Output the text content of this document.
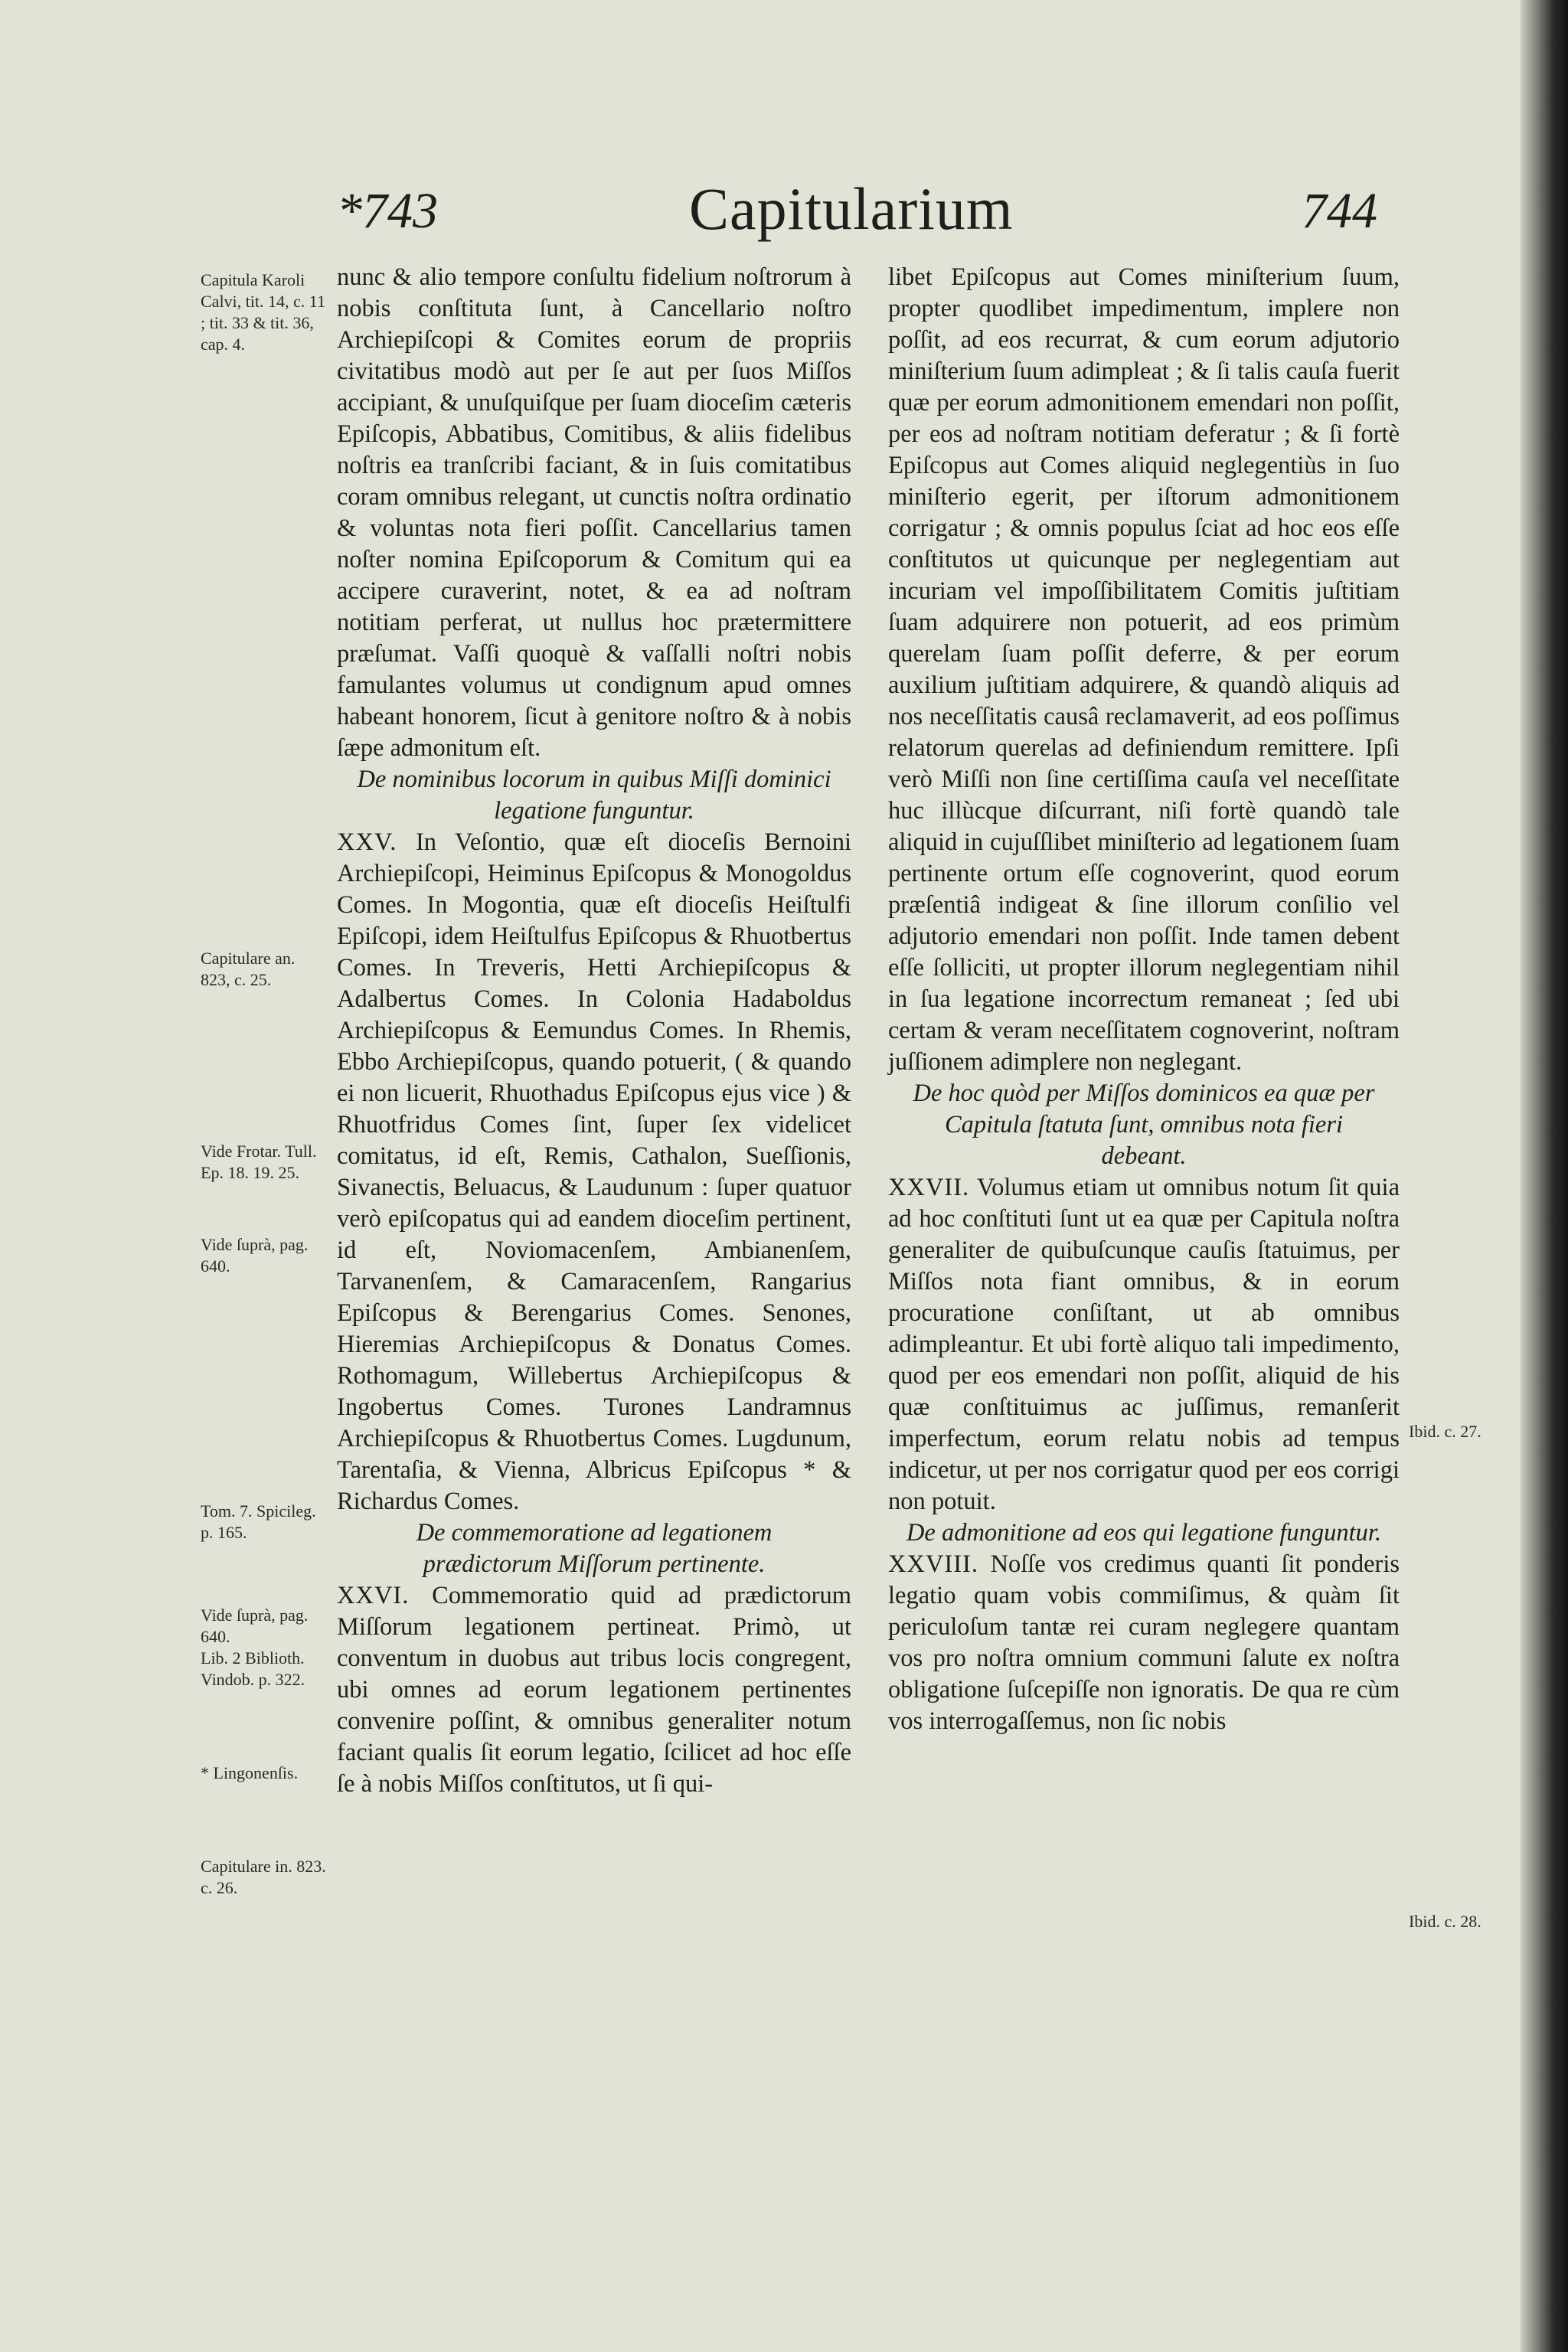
*743	Capitularium	744
Capitula Karoli Calvi, tit. 14, c. 11 ; tit. 33 & tit. 36, cap. 4.
Capitulare an. 823, c. 25.
Vide Frotar. Tull. Ep. 18. 19. 25.
Vide ſuprà, pag. 640.
Tom. 7. Spicileg. p. 165.
Vide ſuprà, pag. 640.
Lib. 2 Biblioth. Vindob. p. 322.
* Lingonenſis.
Capitulare in. 823. c. 26.
Ibid. c. 27.
Ibid. c. 28.

nunc & alio tempore conſultu fidelium noſtrorum à nobis conſtituta ſunt, à Cancellario noſtro Archiepiſcopi & Comites eorum de propriis civitatibus modò aut per ſe aut per ſuos Miſſos accipiant, & unuſquiſque per ſuam dioceſim cæteris Epiſcopis, Abbatibus, Comitibus, & aliis fidelibus noſtris ea tranſcribi faciant, & in ſuis comitatibus coram omnibus relegant, ut cunctis noſtra ordinatio & voluntas nota fieri poſſit. Cancellarius tamen noſter nomina Epiſcoporum & Comitum qui ea accipere curaverint, notet, & ea ad noſtram notitiam perferat, ut nullus hoc prætermittere præſumat. Vaſſi quoquè & vaſſalli noſtri nobis famulantes volumus ut condignum apud omnes habeant honorem, ſicut à genitore noſtro & à nobis ſæpe admonitum eſt.

De nominibus locorum in quibus Miſſi dominici legatione funguntur.

XXV. In Veſontio, quæ eſt dioceſis Bernoini Archiepiſcopi, Heiminus Epiſcopus & Monogoldus Comes. In Mogontia, quæ eſt dioceſis Heiſtulfi Epiſcopi, idem Heiſtulfus Epiſcopus & Rhuotbertus Comes. In Treveris, Hetti Archiepiſcopus & Adalbertus Comes. In Colonia Hadaboldus Archiepiſcopus & Eemundus Comes. In Rhemis, Ebbo Archiepiſcopus, quando potuerit, ( & quando ei non licuerit, Rhuothadus Epiſcopus ejus vice ) & Rhuotfridus Comes ſint, ſuper ſex videlicet comitatus, id eſt, Remis, Cathalon, Sueſſionis, Sivanectis, Beluacus, & Laudunum : ſuper quatuor verò epiſcopatus qui ad eandem dioceſim pertinent, id eſt, Noviomacenſem, Ambianenſem, Tarvanenſem, & Camaracenſem, Rangarius Epiſcopus & Berengarius Comes. Senones, Hieremias Archiepiſcopus & Donatus Comes. Rothomagum, Willebertus Archiepiſcopus & Ingobertus Comes. Turones Landramnus Archiepiſcopus & Rhuotbertus Comes. Lugdunum, Tarentaſia, & Vienna, Albricus Epiſcopus * & Richardus Comes.

De commemoratione ad legationem prædictorum Miſſorum pertinente.

XXVI. Commemoratio quid ad prædictorum Miſſorum legationem pertineat. Primò, ut conventum in duobus aut tribus locis congregent, ubi omnes ad eorum legationem pertinentes convenire poſſint, & omnibus generaliter notum faciant qualis ſit eorum legatio, ſcilicet ad hoc eſſe ſe à nobis Miſſos conſtitutos, ut ſi qui-

libet Epiſcopus aut Comes miniſterium ſuum, propter quodlibet impedimentum, implere non poſſit, ad eos recurrat, & cum eorum adjutorio miniſterium ſuum adimpleat ; & ſi talis cauſa fuerit quæ per eorum admonitionem emendari non poſſit, per eos ad noſtram notitiam deferatur ; & ſi fortè Epiſcopus aut Comes aliquid neglegentiùs in ſuo miniſterio egerit, per iſtorum admonitionem corrigatur ; & omnis populus ſciat ad hoc eos eſſe conſtitutos ut quicunque per neglegentiam aut incuriam vel impoſſibilitatem Comitis juſtitiam ſuam adquirere non potuerit, ad eos primùm querelam ſuam poſſit deferre, & per eorum auxilium juſtitiam adquirere, & quandò aliquis ad nos neceſſitatis causâ reclamaverit, ad eos poſſimus relatorum querelas ad definiendum remittere. Ipſi verò Miſſi non ſine certiſſima cauſa vel neceſſitate huc illùcque diſcurrant, niſi fortè quandò tale aliquid in cujuſſlibet miniſterio ad legationem ſuam pertinente ortum eſſe cognoverint, quod eorum præſentiâ indigeat & ſine illorum conſilio vel adjutorio emendari non poſſit. Inde tamen debent eſſe ſolliciti, ut propter illorum neglegentiam nihil in ſua legatione incorrectum remaneat ; ſed ubi certam & veram neceſſitatem cognoverint, noſtram juſſionem adimplere non neglegant.

De hoc quòd per Miſſos dominicos ea quæ per Capitula ſtatuta ſunt, omnibus nota fieri debeant.

XXVII. Volumus etiam ut omnibus notum ſit quia ad hoc conſtituti ſunt ut ea quæ per Capitula noſtra generaliter de quibuſcunque cauſis ſtatuimus, per Miſſos nota fiant omnibus, & in eorum procuratione conſiſtant, ut ab omnibus adimpleantur. Et ubi fortè aliquo tali impedimento, quod per eos emendari non poſſit, aliquid de his quæ conſtituimus ac juſſimus, remanſerit imperfectum, eorum relatu nobis ad tempus indicetur, ut per nos corrigatur quod per eos corrigi non potuit.

De admonitione ad eos qui legatione funguntur.

XXVIII. Noſſe vos credimus quanti ſit ponderis legatio quam vobis commiſimus, & quàm ſit periculoſum tantæ rei curam neglegere quantam vos pro noſtra omnium communi ſalute ex noſtra obligatione ſuſcepiſſe non ignoratis. De qua re cùm vos interrogaſſemus, non ſic nobis
